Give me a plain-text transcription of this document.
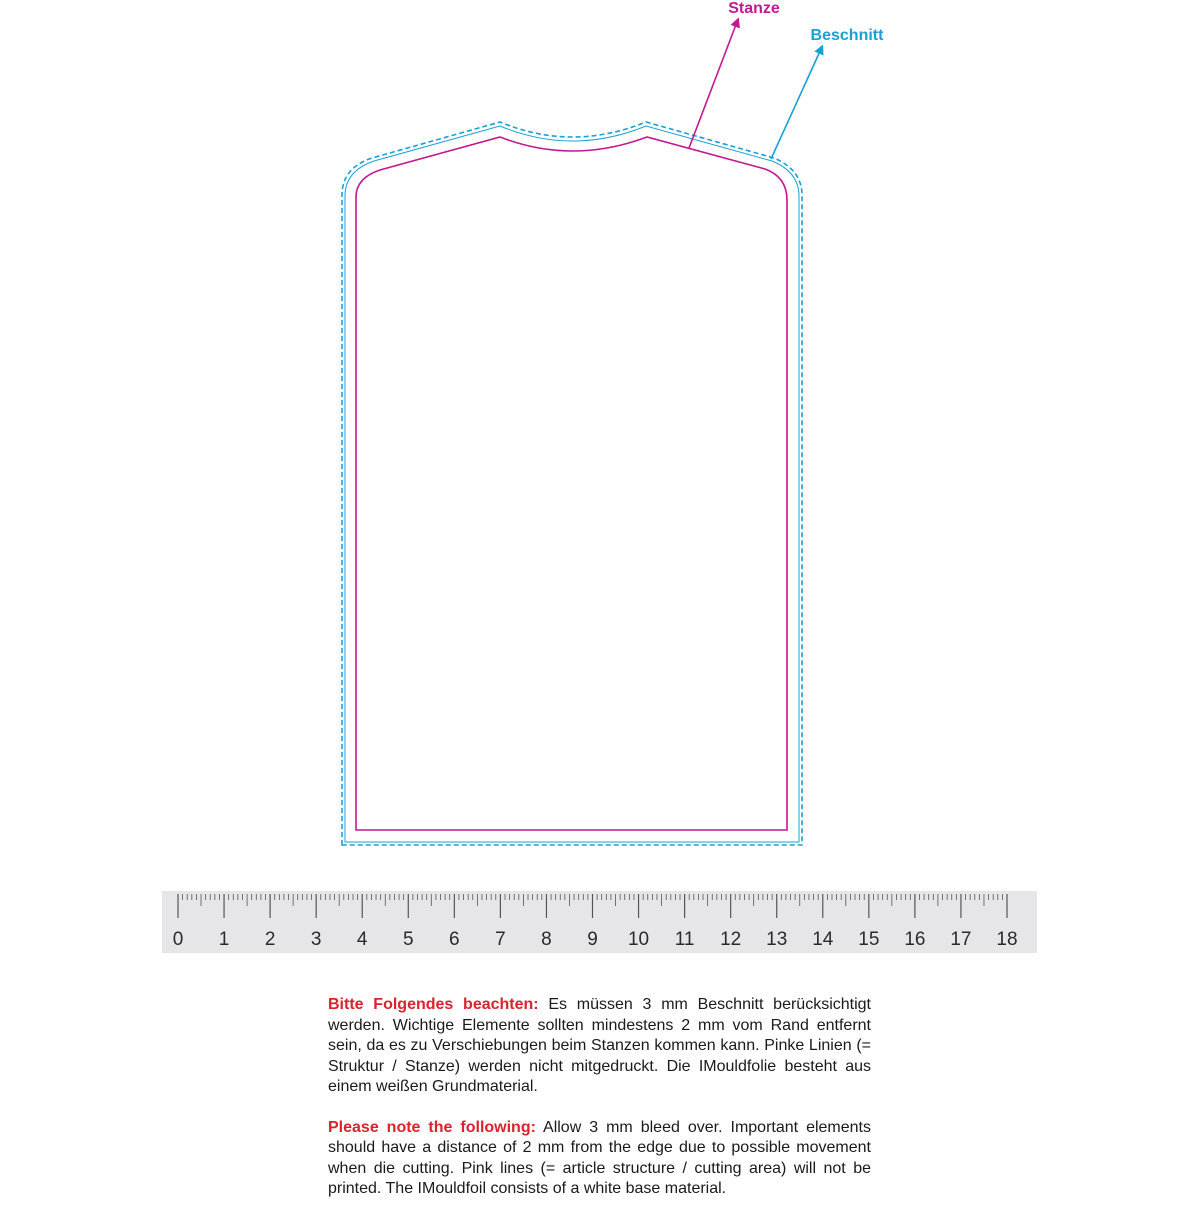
Stanze
Beschnitt
0 1 2 3 4 5 6 7 8 9 10 11 12 13 14 15 16 17 18

Bitte Folgendes beachten: Es müssen 3 mm Beschnitt berücksichtigt werden. Wichtige Elemente sollten mindestens 2 mm vom Rand entfernt sein, da es zu Verschiebungen beim Stanzen kommen kann. Pinke Linien (= Struktur / Stanze) werden nicht mitgedruckt. Die IMouldfolie besteht aus einem weißen Grundmaterial.

Please note the following: Allow 3 mm bleed over. Important elements should have a distance of 2 mm from the edge due to possible movement when die cutting. Pink lines (= article structure / cutting area) will not be printed. The IMouldfoil consists of a white base material.
